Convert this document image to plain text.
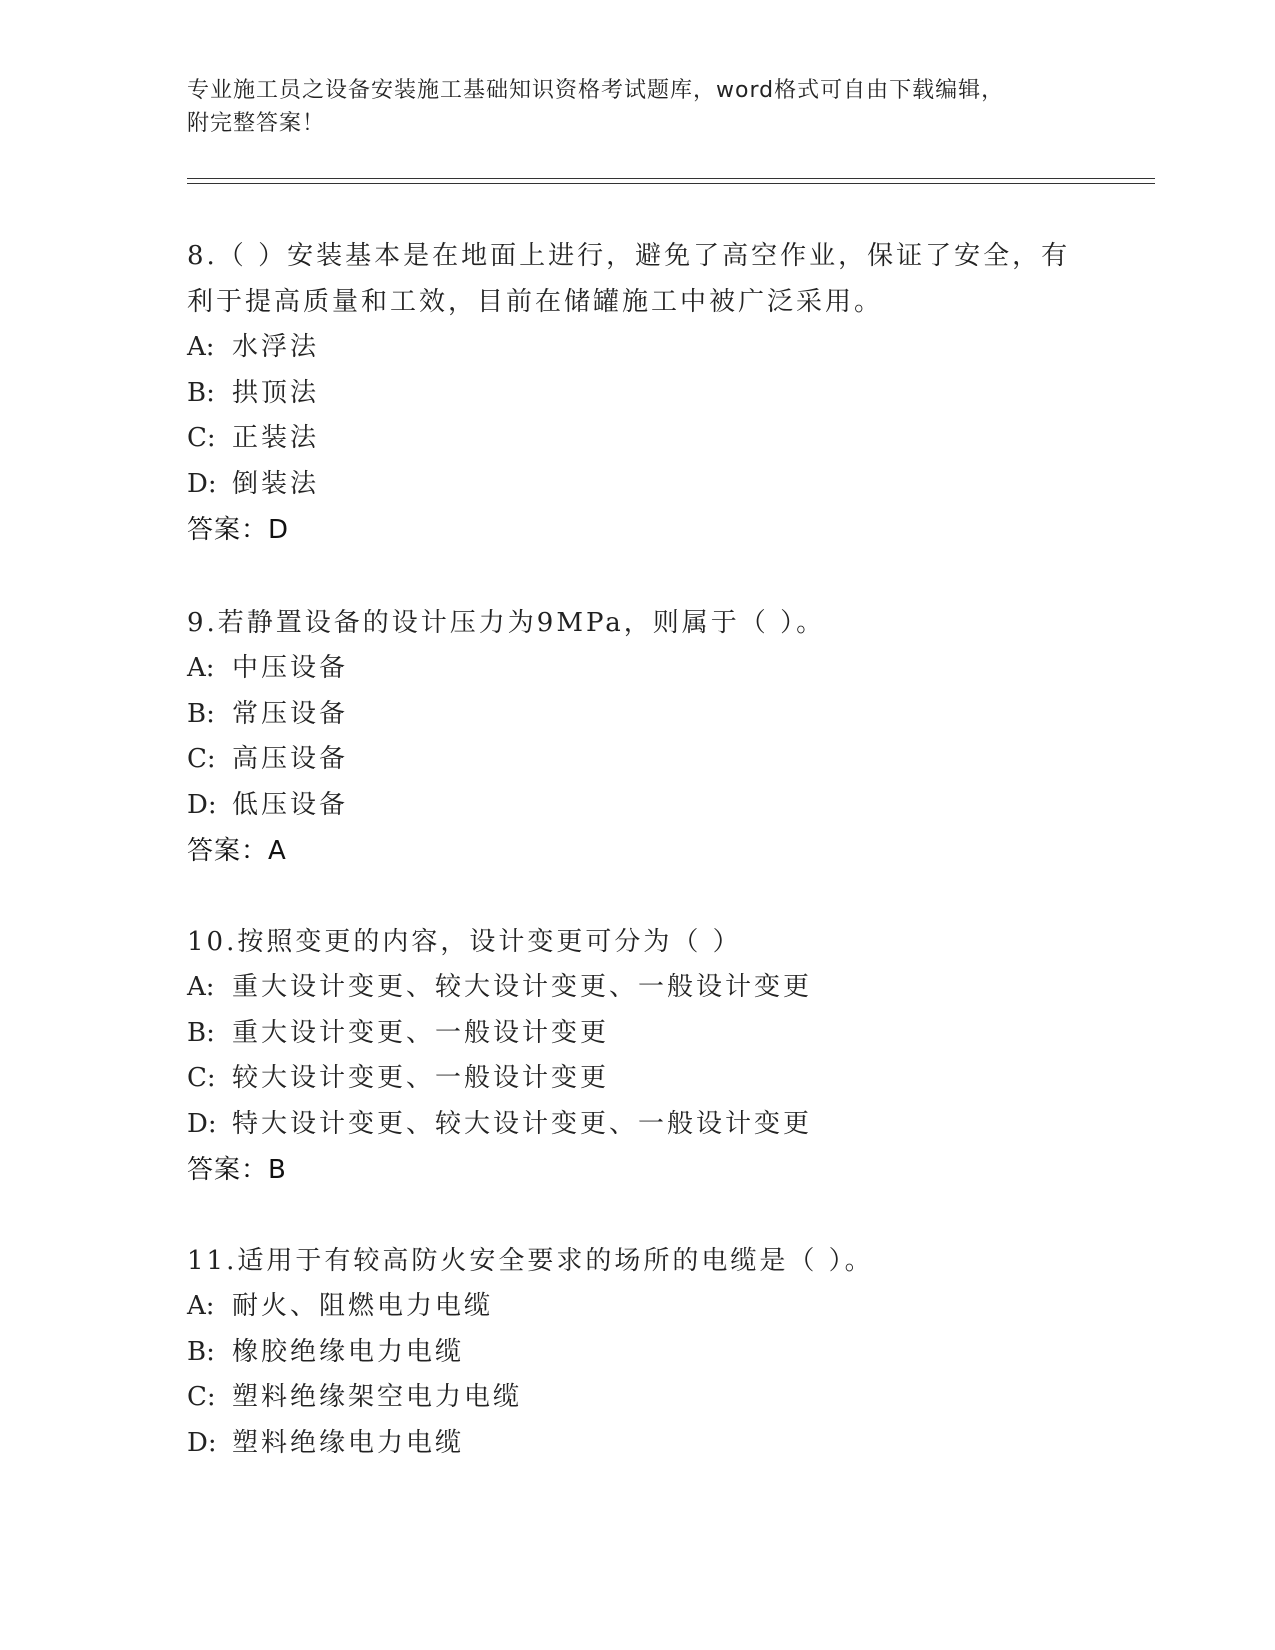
专业施工员之设备安装施工基础知识资格考试题库，word格式可自由下载编辑，
附完整答案！
8.（ ）安装基本是在地面上进行，避免了高空作业，保证了安全，有
利于提高质量和工效，目前在储罐施工中被广泛采用。
A: 水浮法
B: 拱顶法
C: 正装法
D: 倒装法
答案：D
9.若静置设备的设计压力为9MPa，则属于（ ）。
A: 中压设备
B: 常压设备
C: 高压设备
D: 低压设备
答案：A
10.按照变更的内容，设计变更可分为（ ）
A: 重大设计变更、较大设计变更、一般设计变更
B: 重大设计变更、一般设计变更
C: 较大设计变更、一般设计变更
D: 特大设计变更、较大设计变更、一般设计变更
答案：B
11.适用于有较高防火安全要求的场所的电缆是（ ）。
A: 耐火、阻燃电力电缆
B: 橡胶绝缘电力电缆
C: 塑料绝缘架空电力电缆
D: 塑料绝缘电力电缆
